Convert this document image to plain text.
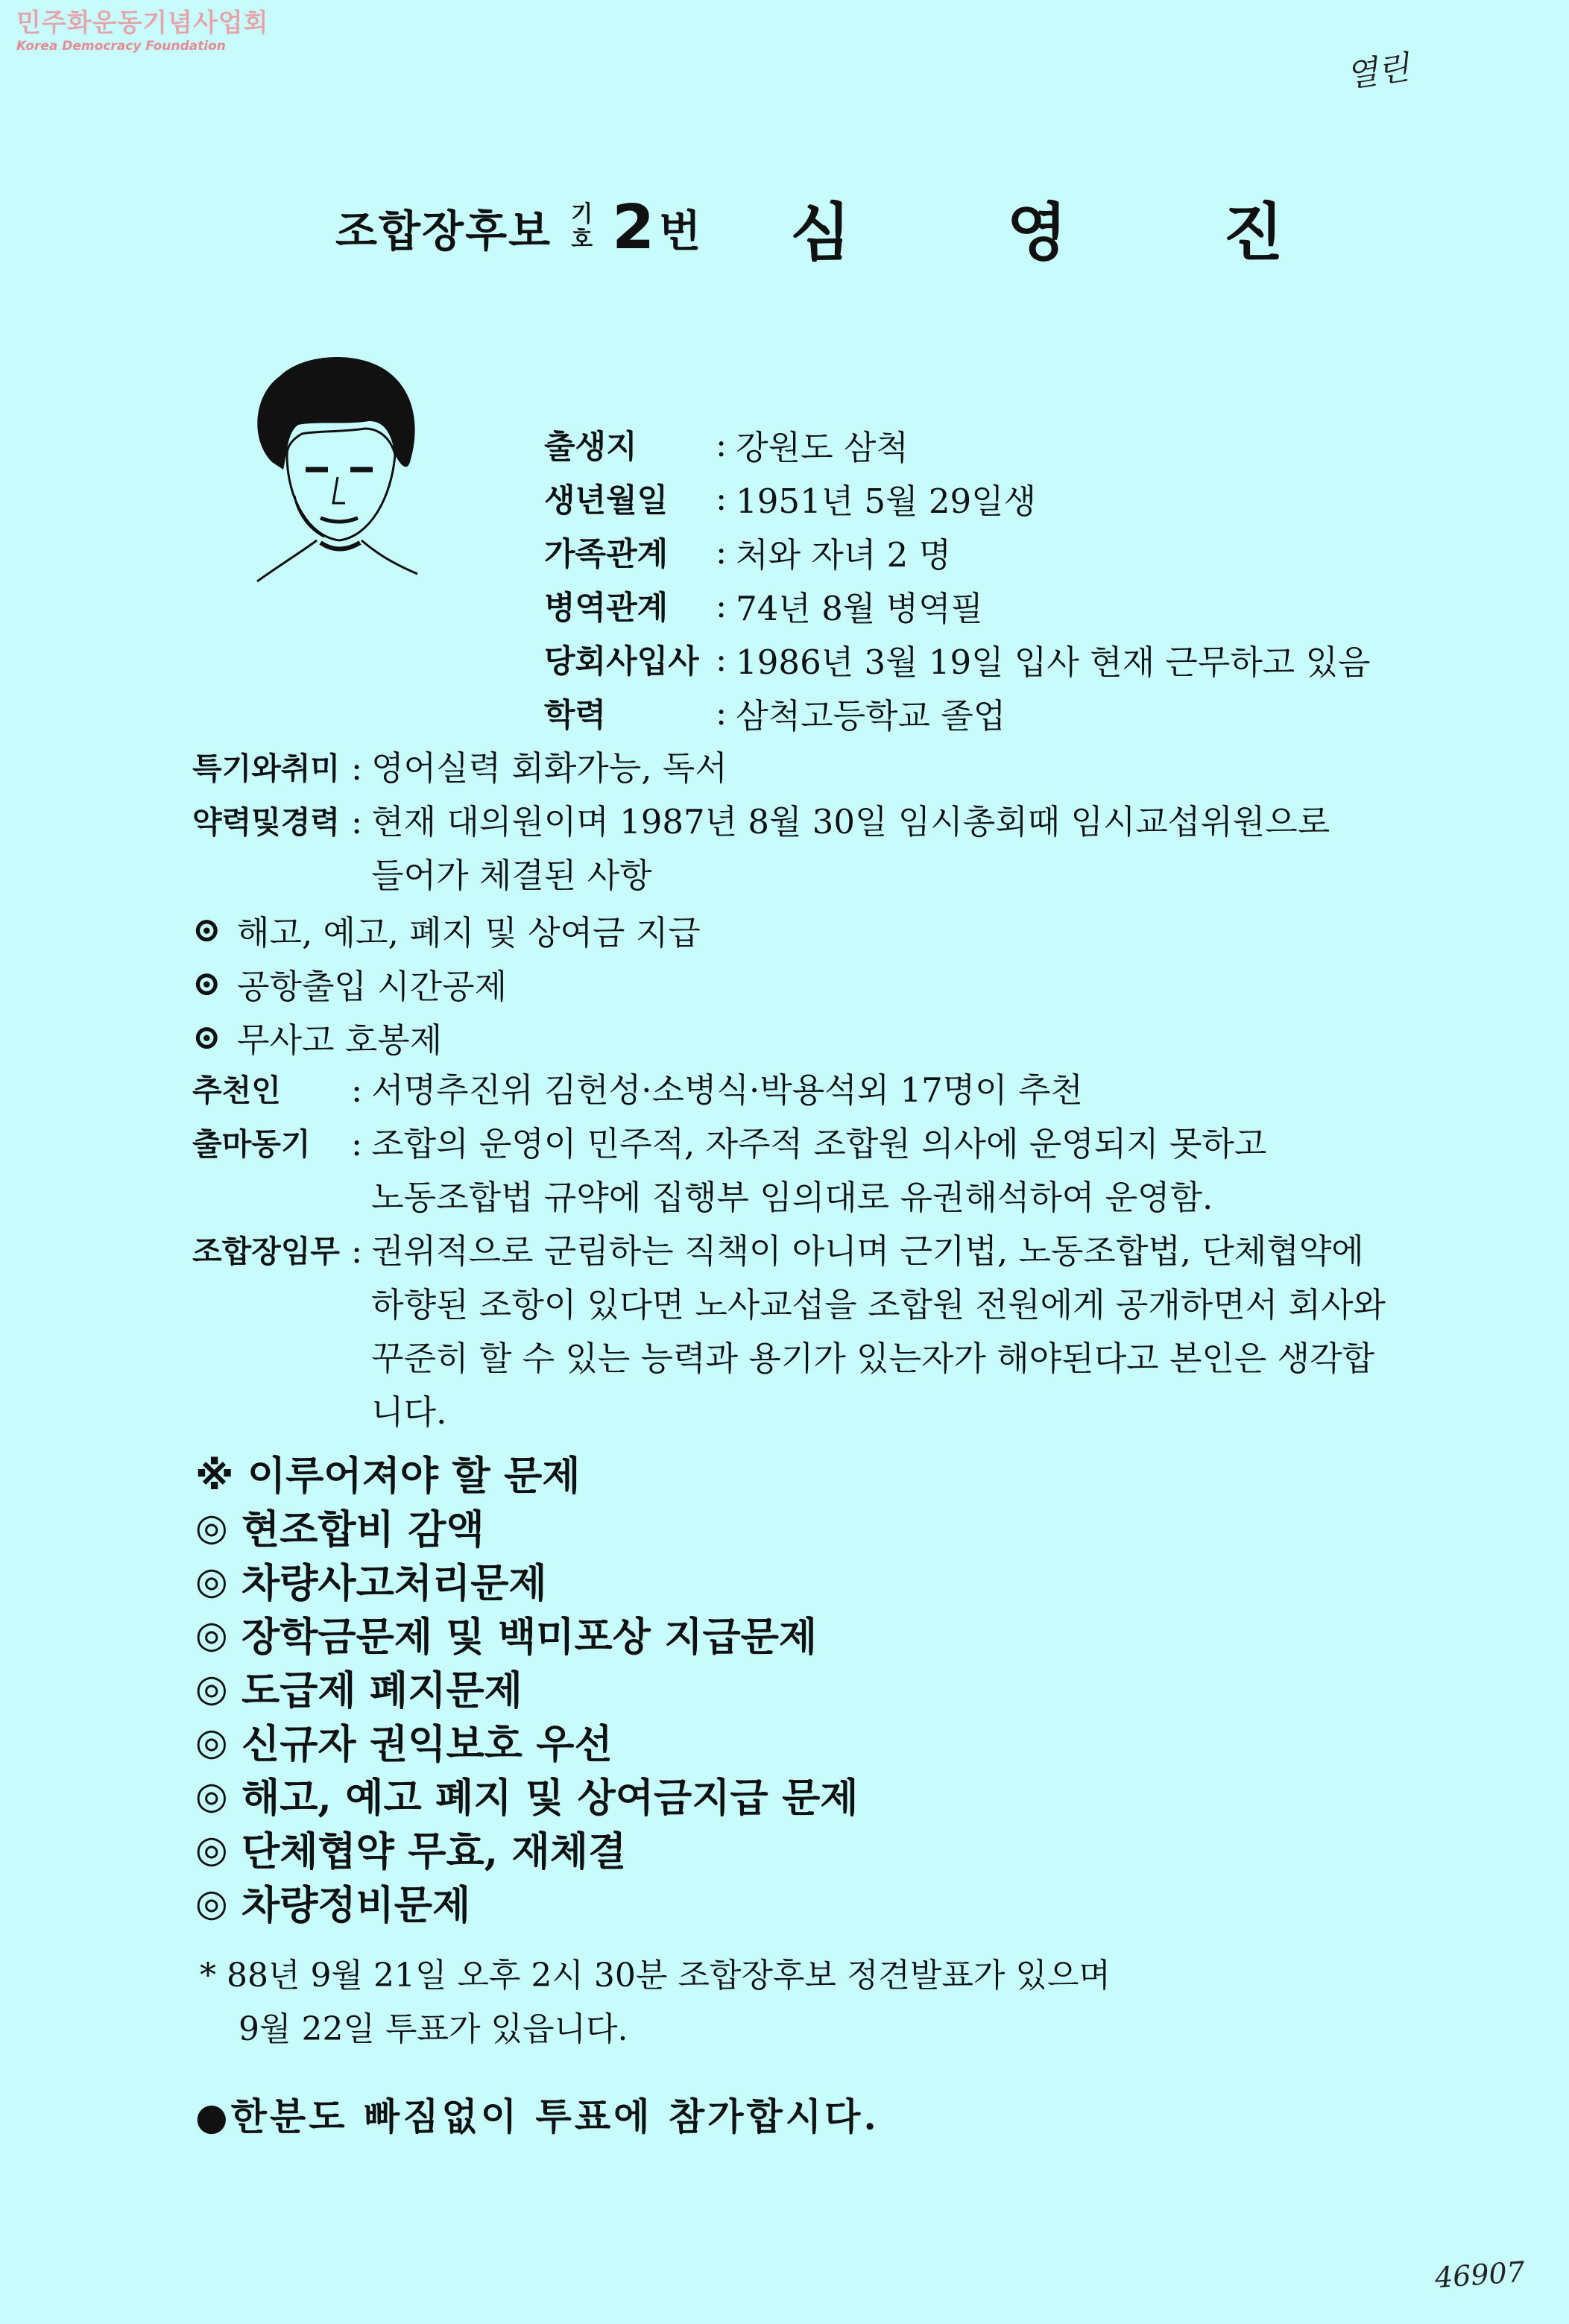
민주화운동기념사업회
Korea Democracy Foundation
열린
조합장후보 기
호 2 번 심 영 진
출생지	: 강원도 삼척
생년월일	: 1951년 5월 29일생
가족관계	: 처와 자녀 2 명
병역관계	: 74년 8월 병역필
당회사입사 : 1986년 3월 19일 입사 현재 근무하고 있음
학력	: 삼척고등학교 졸업
특기와취미 : 영어실력 회화가능, 독서
약력및경력 : 현재 대의원이며 1987년 8월 30일 임시총회때 임시교섭위원으로
들어가 체결된 사항
⊙ 해고, 예고, 폐지 및 상여금 지급
⊙ 공항출입 시간공제
⊙ 무사고 호봉제
추천인	: 서명추진위 김헌성·소병식·박용석외 17명이 추천
출마동기	: 조합의 운영이 민주적, 자주적 조합원 의사에 운영되지 못하고
노동조합법 규약에 집행부 임의대로 유권해석하여 운영함.
조합장임무 : 권위적으로 군림하는 직책이 아니며 근기법, 노동조합법, 단체협약에
하향된 조항이 있다면 노사교섭을 조합원 전원에게 공개하면서 회사와
꾸준히 할 수 있는 능력과 용기가 있는자가 해야된다고 본인은 생각합
니다.
※ 이루어져야 할 문제
◎ 현조합비 감액
◎ 차량사고처리문제
◎ 장학금문제 및 백미포상 지급문제
◎ 도급제 폐지문제
◎ 신규자 권익보호 우선
◎ 해고, 예고 폐지 및 상여금지급 문제
◎ 단체협약 무효, 재체결
◎ 차량정비문제
* 88년 9월 21일 오후 2시 30분 조합장후보 정견발표가 있으며
9월 22일 투표가 있읍니다.
●한분도 빠짐없이 투표에 참가합시다.
46907
